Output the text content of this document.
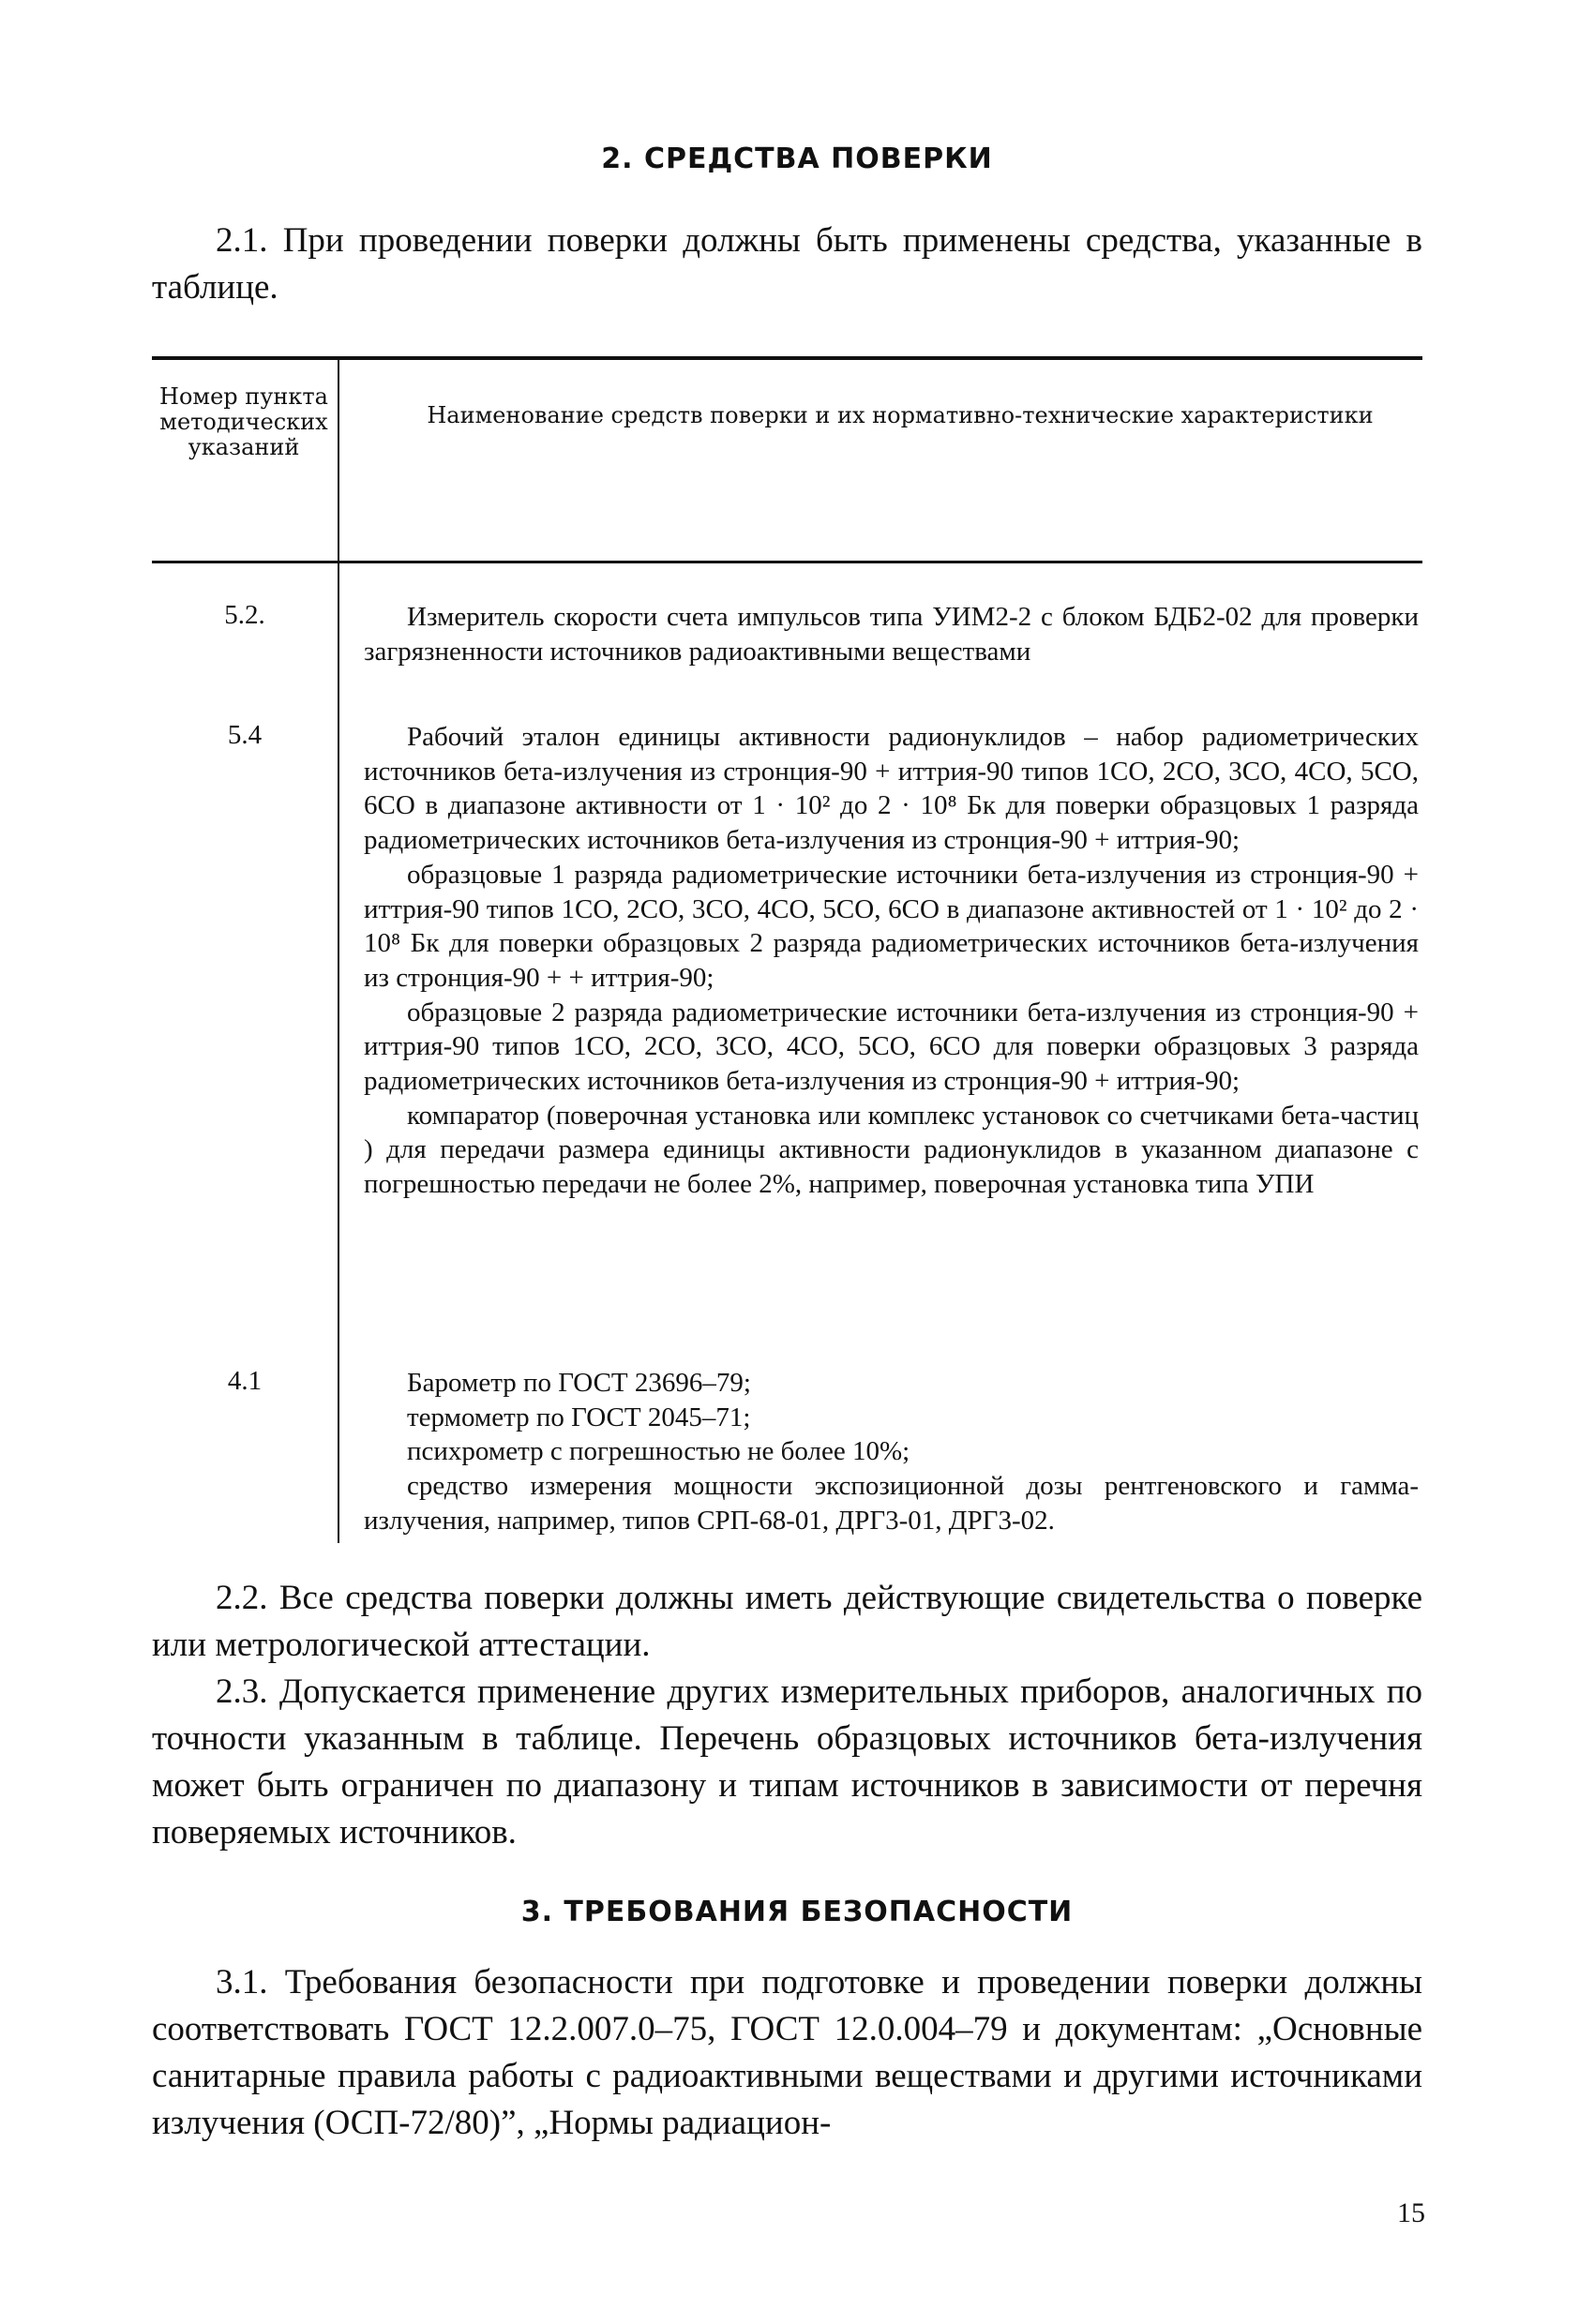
2. СРЕДСТВА ПОВЕРКИ

2.1. При проведении поверки должны быть применены средства, указанные в таблице.

Номер пункта методических указаний
Наименование средств поверки и их нормативно-технические характеристики
5.2.	Измеритель скорости счета импульсов типа УИМ2-2 с блоком БДБ2-02 для проверки загрязненности источников радиоактивными веществами

5.4	Рабочий эталон единицы активности радионуклидов – набор радиометрических источников бета-излучения из стронция-90 + иттрия-90 типов 1СО, 2СО, 3СО, 4СО, 5СО, 6СО в диапазоне активности от 1 · 10² до 2 · 10⁸ Бк для поверки образцовых 1 разряда радиометрических источников бета-излучения из стронция-90 + иттрия-90;

образцовые 1 разряда радиометрические источники бета-излучения из стронция-90 + иттрия-90 типов 1СО, 2СО, 3СО, 4СО, 5СО, 6СО в диапазоне активностей от 1 · 10² до 2 · 10⁸ Бк для поверки образцовых 2 разряда радиометрических источников бета-излучения из стронция-90 + + иттрия-90;

образцовые 2 разряда радиометрические источники бета-излучения из стронция-90 + иттрия-90 типов 1СО, 2СО, 3СО, 4СО, 5СО, 6СО для поверки образцовых 3 разряда радиометрических источников бета-излучения из стронция-90 + иттрия-90;

компаратор (поверочная установка или комплекс установок со счетчиками бета-частиц ) для передачи размера единицы активности радионуклидов в указанном диапазоне с погрешностью передачи не более 2%, например, поверочная установка типа УПИ

4.1	Барометр по ГОСТ 23696–79;

термометр по ГОСТ 2045–71;

психрометр с погрешностью не более 10%;

средство измерения мощности экспозиционной дозы рентгеновского и гамма-излучения, например, типов СРП-68-01, ДРГ3-01, ДРГ3-02.

2.2. Все средства поверки должны иметь действующие свидетельства о поверке или метрологической аттестации.

2.3. Допускается применение других измерительных приборов, аналогичных по точности указанным в таблице. Перечень образцовых источников бета-излучения может быть ограничен по диапазону и типам источников в зависимости от перечня поверяемых источников.

3. ТРЕБОВАНИЯ БЕЗОПАСНОСТИ

3.1. Требования безопасности при подготовке и проведении поверки должны соответствовать ГОСТ 12.2.007.0–75, ГОСТ 12.0.004–79 и документам: „Основные санитарные правила работы с радиоактивными веществами и другими источниками излучения (ОСП-72/80)”, „Нормы радиацион-

15
